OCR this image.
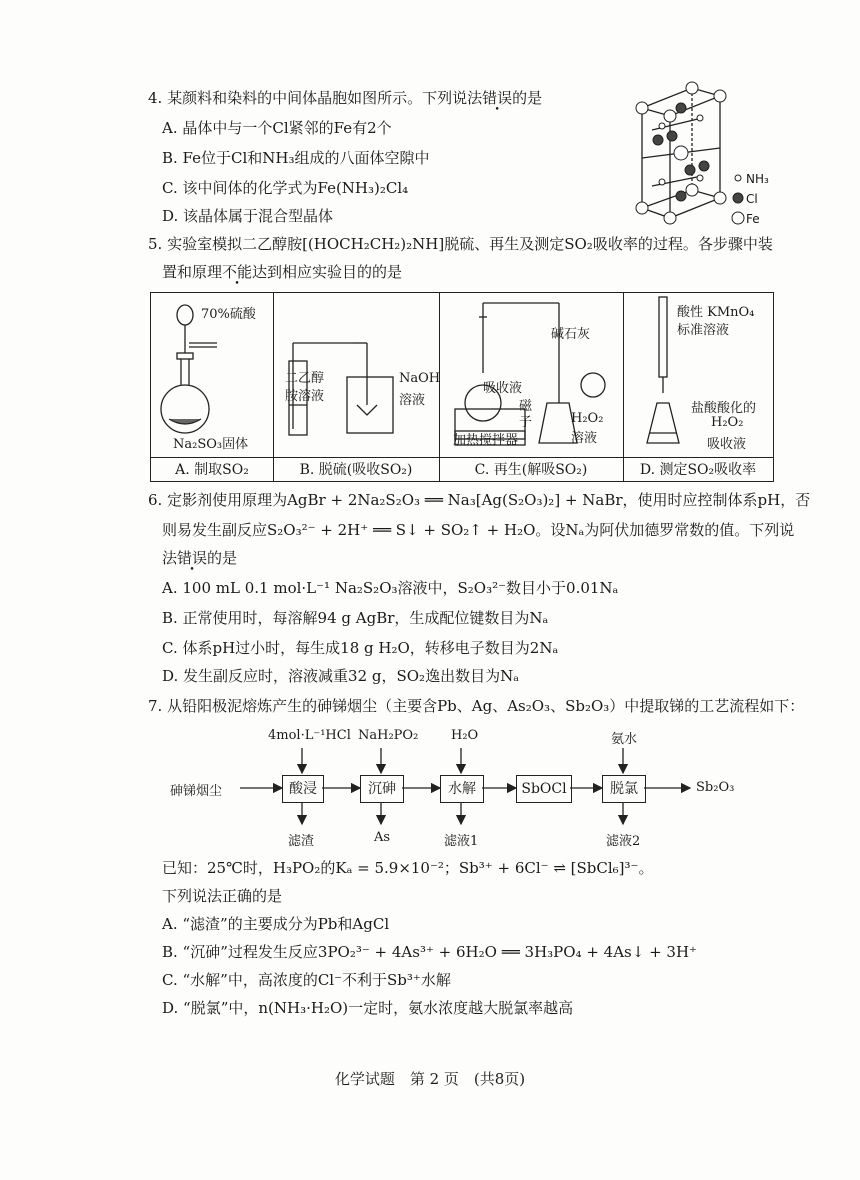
4. 某颜料和染料的中间体晶胞如图所示。下列说法错误的是
A. 晶体中与一个Cl紧邻的Fe有2个
B. Fe位于Cl和NH₃组成的八面体空隙中
C. 该中间体的化学式为Fe(NH₃)₂Cl₄
D. 该晶体属于混合型晶体
NH₃
Cl
Fe
5. 实验室模拟二乙醇胺[(HOCH₂CH₂)₂NH]脱硫、再生及测定SO₂吸收率的过程。各步骤中装
置和原理不能达到相应实验目的的是
70%硫酸
Na₂SO₃固体
A. 制取SO₂
二乙醇
胺溶液
NaOH
溶液
B. 脱硫(吸收SO₂)
碱石灰
吸收液
磁
子
加热搅拌器
H₂O₂
溶液
C. 再生(解吸SO₂)
酸性 KMnO₄
标准溶液
盐酸酸化的
H₂O₂
吸收液
D. 测定SO₂吸收率
6. 定影剂使用原理为AgBr + 2Na₂S₂O₃ ══ Na₃[Ag(S₂O₃)₂] + NaBr，使用时应控制体系pH，否
则易发生副反应S₂O₃²⁻ + 2H⁺ ══ S↓ + SO₂↑ + H₂O。设Nₐ为阿伏加德罗常数的值。下列说
法错误的是
A. 100 mL 0.1 mol·L⁻¹ Na₂S₂O₃溶液中，S₂O₃²⁻数目小于0.01Nₐ
B. 正常使用时，每溶解94 g AgBr，生成配位键数目为Nₐ
C. 体系pH过小时，每生成18 g H₂O，转移电子数目为2Nₐ
D. 发生副反应时，溶液减重32 g，SO₂逸出数目为Nₐ
7. 从铅阳极泥熔炼产生的砷锑烟尘（主要含Pb、Ag、As₂O₃、Sb₂O₃）中提取锑的工艺流程如下：
砷锑烟尘	酸浸	沉砷	水解	SbOCl	脱氯	Sb₂O₃
4mol·L⁻¹HCl NaH₂PO₂	H₂O	氨水
滤渣	As	滤液1	滤液2
已知：25℃时，H₃PO₂的Kₐ = 5.9×10⁻²；Sb³⁺ + 6Cl⁻ ⇌ [SbCl₆]³⁻。
下列说法正确的是
A. “滤渣”的主要成分为Pb和AgCl
B. “沉砷”过程发生反应3PO₂³⁻ + 4As³⁺ + 6H₂O ══ 3H₃PO₄ + 4As↓ + 3H⁺
C. “水解”中，高浓度的Cl⁻不利于Sb³⁺水解
D. “脱氯”中，n(NH₃·H₂O)一定时，氨水浓度越大脱氯率越高
化学试题　第 2 页　(共8页)
